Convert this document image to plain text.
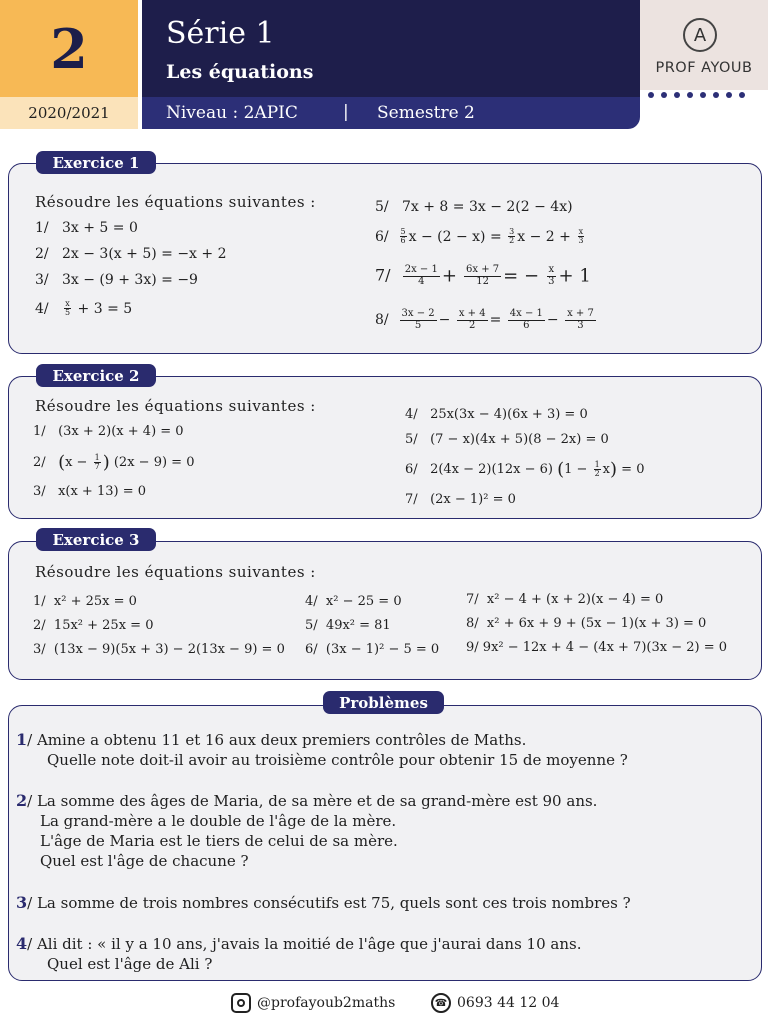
2
2020/2021
Série 1
Les équations
Niveau : 2APIC	| Semestre 2
A
PROF AYOUB
Exercice 1
Résoudre les équations suivantes :
1/ 3x + 5 = 0
2/ 2x − 3(x + 5) = −x + 2
3/ 3x − (9 + 3x) = −9
$4/ \frac{x}{5} + 3 = 5$
5/ 7x + 8 = 3x − 2(2 − 4x)
$6/ \frac{5}{6}$ $x - (2 - x) = \frac{3}{2}$ $x - 2 + \frac{x}{3}$
$7/ \frac{2x - 1}{4} + \frac{6x + 7}{12}$ = − $\frac{x}{3} + 1$
$8/ \frac{3x - 2}{5} - \frac{x + 4}{2} = \frac{4x - 1}{6} - \frac{x + 7}{3}$
Exercice 2
Résoudre les équations suivantes :
1/ (3x + 2)(x + 4) = 0
2/ ($x - \frac{1}{7}$ ) (2x − 9) = 0
3/ x(x + 13) = 0
4/ 25x(3x − 4)(6x + 3) = 0
5/ (7 − x)(4x + 5)(8 − 2x) = 0
6/ 2(4x − 2)(12x − 6) $(1 - \frac{1}{2} x) = 0$
7/ (2x − 1)² = 0
Exercice 3
Résoudre les équations suivantes :
1/ x² + 25x = 0
2/ 15x² + 25x = 0
3/ (13x − 9)(5x + 3) − 2(13x − 9) = 0
4/ x² − 25 = 0
5/ 49x² = 81
6/ (3x − 1)² − 5 = 0
7/ x² − 4 + (x + 2)(x − 4) = 0
8/ x² + 6x + 9 + (5x − 1)(x + 3) = 0
9/ 9x² − 12x + 4 − (4x + 7)(3x − 2) = 0
Problèmes
1/ Amine a obtenu 11 et 16 aux deux premiers contrôles de Maths.
Quelle note doit-il avoir au troisième contrôle pour obtenir 15 de moyenne ?
2/ La somme des âges de Maria, de sa mère et de sa grand-mère est 90 ans.
La grand-mère a le double de l'âge de la mère.
L'âge de Maria est le tiers de celui de sa mère.
Quel est l'âge de chacune ?
3/ La somme de trois nombres consécutifs est 75, quels sont ces trois nombres ?
4/ Ali dit : « il y a 10 ans, j'avais la moitié de l'âge que j'aurai dans 10 ans.
Quel est l'âge de Ali ?
@profayoub2maths	☎ 0693 44 12 04
